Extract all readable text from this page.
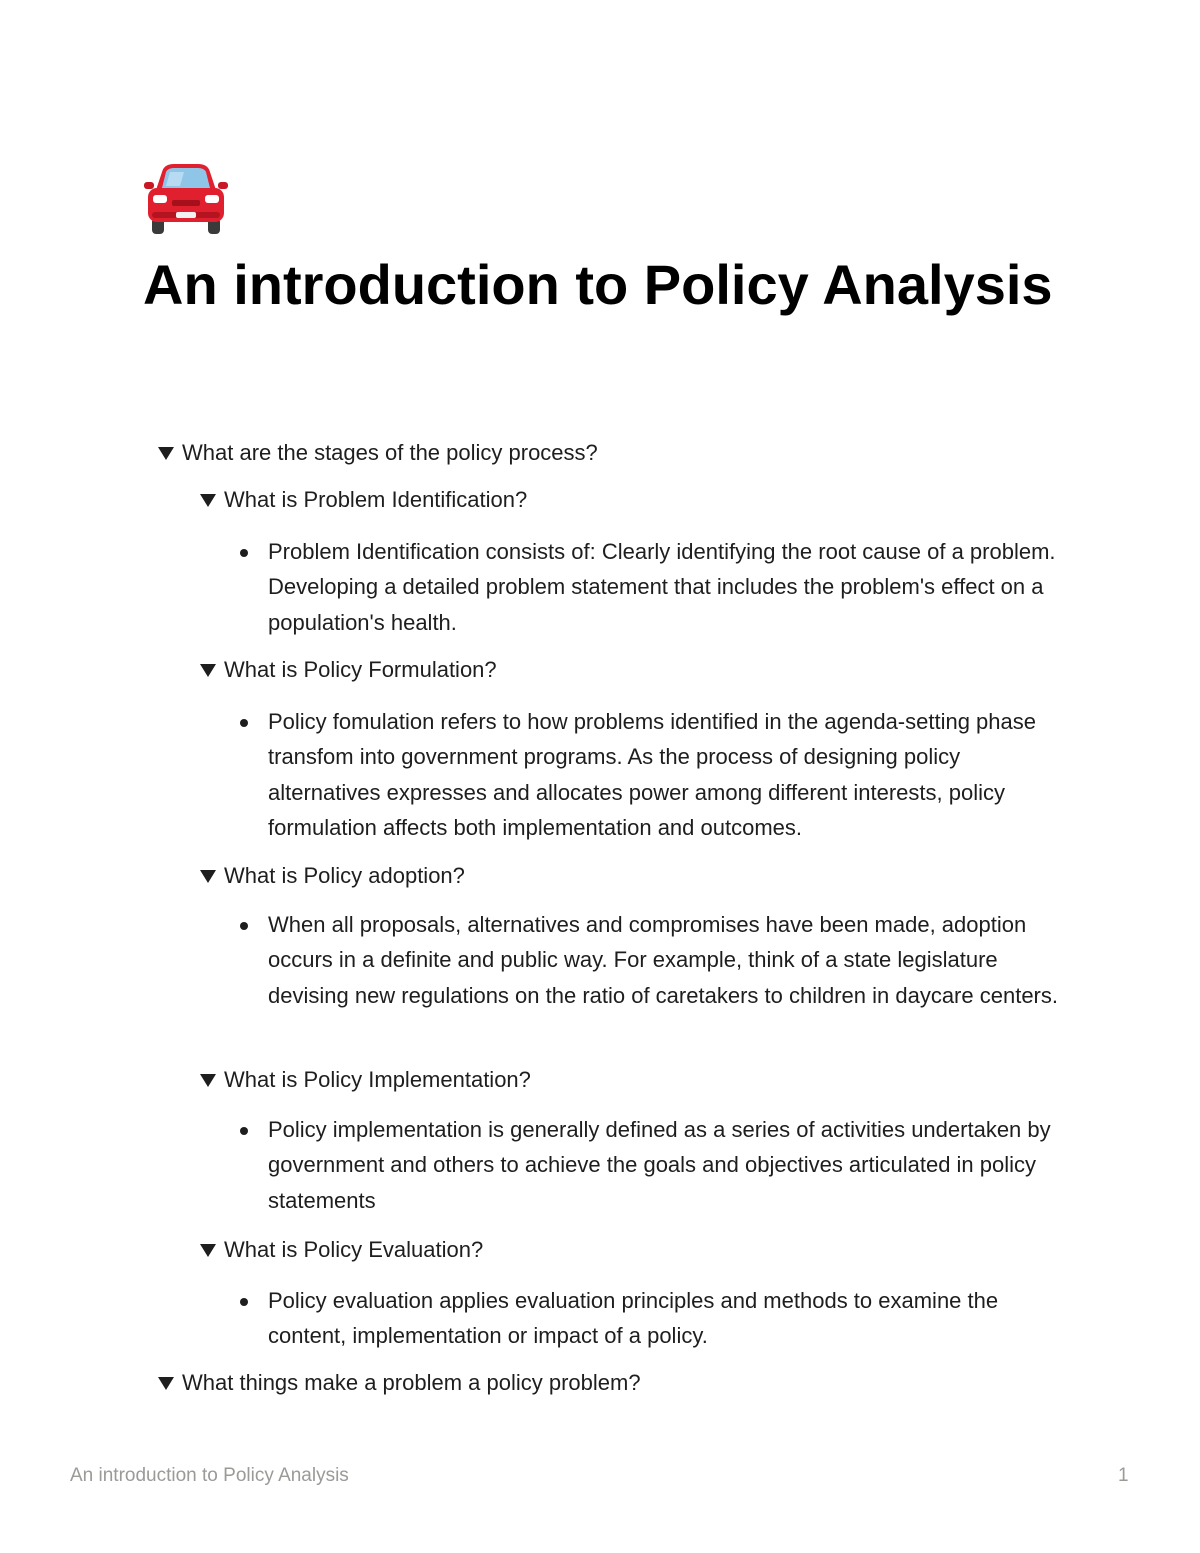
An introduction to Policy Analysis
What are the stages of the policy process?
What is Problem Identification?
Problem Identification consists of: Clearly identifying the root cause of a problem. Developing a detailed problem statement that includes the problem's effect on a population's health.
What is Policy Formulation?
Policy fomulation refers to how problems identified in the agenda-setting phase transfom into government programs. As the process of designing policy alternatives expresses and allocates power among different interests, policy formulation affects both implementation and outcomes.
What is Policy adoption?
When all proposals, alternatives and compromises have been made, adoption occurs in a definite and public way. For example, think of a state legislature devising new regulations on the ratio of caretakers to children in daycare centers.
What is Policy Implementation?
Policy implementation is generally defined as a series of activities undertaken by government and others to achieve the goals and objectives articulated in policy statements
What is Policy Evaluation?
Policy evaluation applies evaluation principles and methods to examine the content, implementation or impact of a policy.
What things make a problem a policy problem?
An introduction to Policy Analysis	1
